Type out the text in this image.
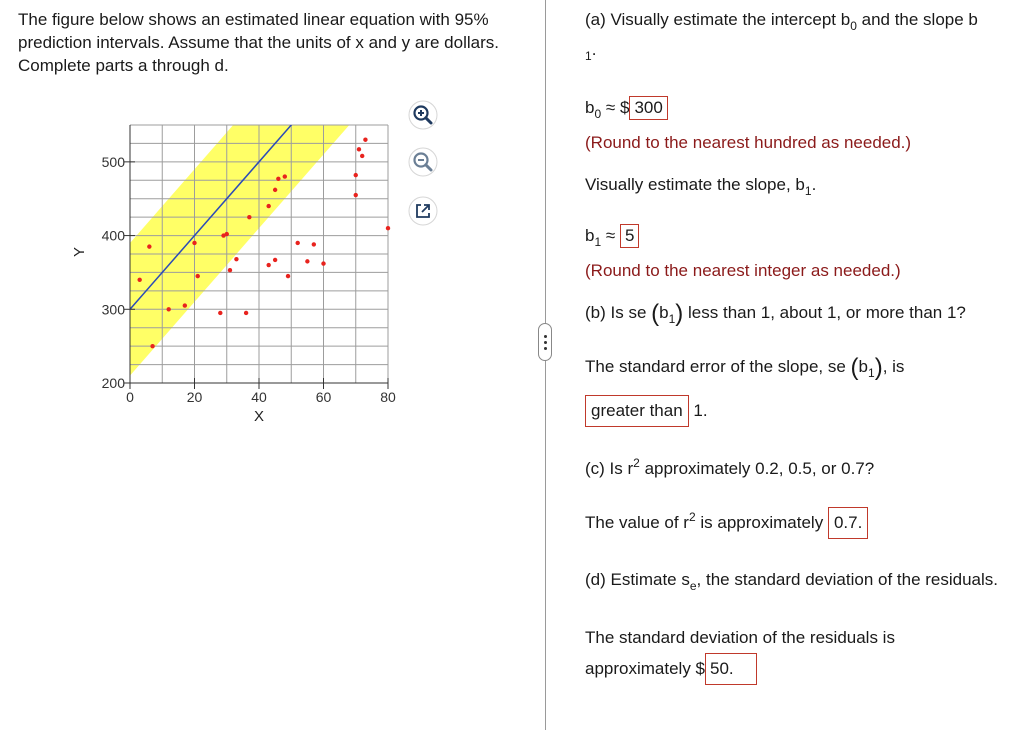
The figure below shows an estimated linear equation with 95% prediction intervals. Assume that the units of x and y are dollars. Complete parts a through d.
0	20	40	60	80
200
300
400
500
X
Y
(a) Visually estimate the intercept $b_0$ and the slope b
$_1$.
$b_0$ ≈ $ 300
(Round to the nearest hundred as needed.)
Visually estimate the slope, $b_1$.
$b_1 \approx 5$
(Round to the nearest integer as needed.)
(b) Is se $(b_1)$ less than 1, about 1, or more than 1?
The standard error of the slope, se $(b_1)$, is
greater than 1.
(c) Is $r^2$ approximately 0.2, 0.5, or 0.7?
The value of $r^2$ is approximately 0.7.
(d) Estimate $s_e$, the standard deviation of the residuals.
The standard deviation of the residuals is
approximately $ 50.
